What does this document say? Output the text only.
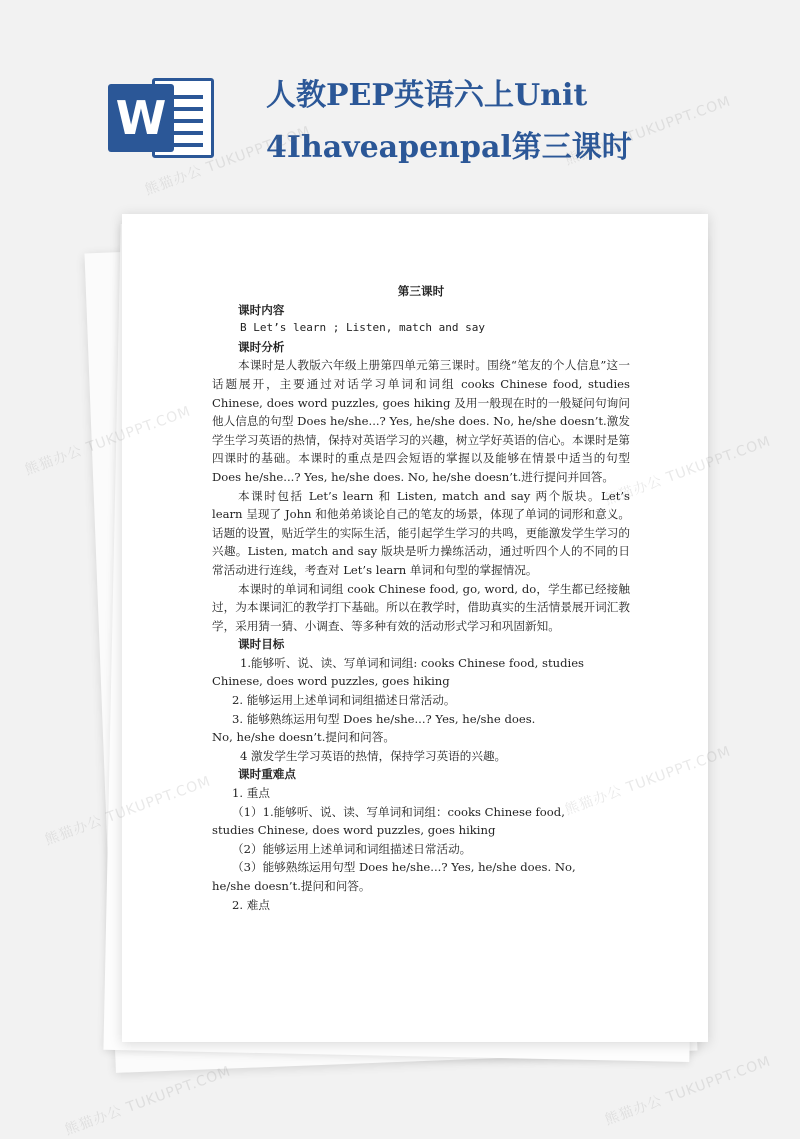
W	人教PEP英语六上Unit
4Ihaveapenpal第三课时

第三课时

课时内容

B Let’s learn ; Listen, match and say

课时分析

本课时是人教版六年级上册第四单元第三课时。围绕“笔友的个人信息”这一话题展开，主要通过对话学习单词和词组 cooks Chinese food, studies Chinese, does word puzzles, goes hiking 及用一般现在时的一般疑问句询问他人信息的句型 Does he/she...? Yes, he/she does. No, he/she doesn’t.激发学生学习英语的热情，保持对英语学习的兴趣，树立学好英语的信心。本课时是第四课时的基础。本课时的重点是四会短语的掌握以及能够在情景中适当的句型 Does he/she...? Yes, he/she does. No, he/she doesn’t.进行提问并回答。

本课时包括 Let’s learn 和 Listen, match and say 两个版块。Let’s learn 呈现了 John 和他弟弟谈论自己的笔友的场景，体现了单词的词形和意义。话题的设置，贴近学生的实际生活，能引起学生学习的共鸣，更能激发学生学习的兴趣。Listen, match and say 版块是听力操练活动，通过听四个人的不同的日常活动进行连线，考查对 Let’s learn 单词和句型的掌握情况。

本课时的单词和词组 cook Chinese food, go, word, do，学生都已经接触过，为本课词汇的教学打下基础。所以在教学时，借助真实的生活情景展开词汇教学，采用猜一猜、小调查、等多种有效的活动形式学习和巩固新知。

课时目标

1.能够听、说、读、写单词和词组: cooks Chinese food, studies

Chinese, does word puzzles, goes hiking

2. 能够运用上述单词和词组描述日常活动。

3. 能够熟练运用句型 Does he/she...? Yes, he/she does.

No, he/she doesn’t.提问和问答。

4 激发学生学习英语的热情，保持学习英语的兴趣。

课时重难点

1. 重点

（1）1.能够听、说、读、写单词和词组：cooks Chinese food,

studies Chinese, does word puzzles, goes hiking

（2）能够运用上述单词和词组描述日常活动。

（3）能够熟练运用句型 Does he/she...? Yes, he/she does. No,

he/she doesn’t.提问和问答。

2. 难点

熊猫办公 TUKUPPT.COM	熊猫办公 TUKUPPT.COM
熊猫办公	TUKUPPT.COM
熊猫办公
熊猫办公 TUKUPPT.COM	熊猫办公 TUKUPPT.COM
